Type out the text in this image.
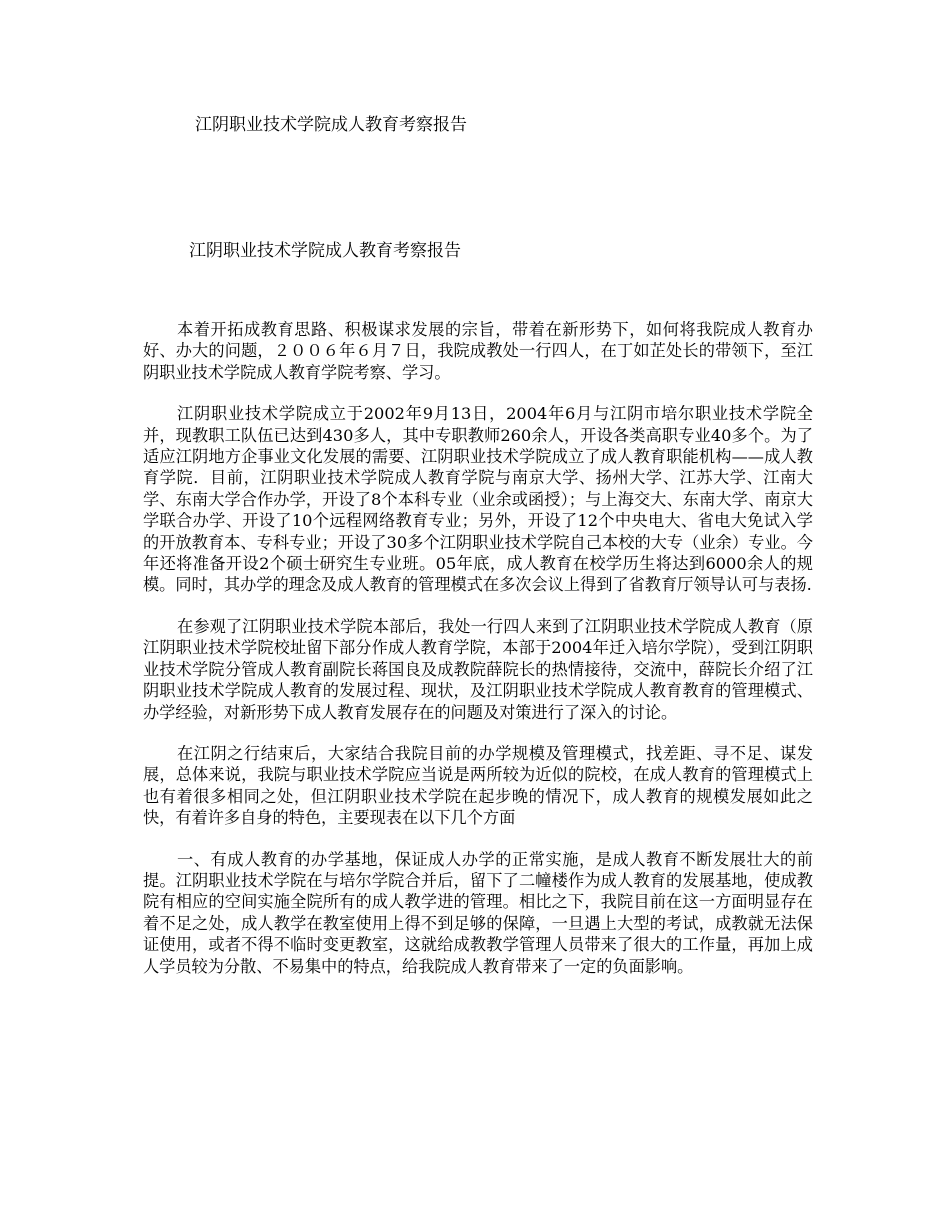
江阴职业技术学院成人教育考察报告
江阴职业技术学院成人教育考察报告

本着开拓成教育思路、积极谋求发展的宗旨，带着在新形势下，如何将我院成人教育办好、办大的问题，２００６年６月７日，我院成教处一行四人，在丁如芷处长的带领下，至江阴职业技术学院成人教育学院考察、学习。

江阴职业技术学院成立于2002年9月13日，2004年6月与江阴市培尔职业技术学院全并，现教职工队伍已达到430多人，其中专职教师260余人，开设各类高职专业40多个。为了适应江阴地方企事业文化发展的需要、江阴职业技术学院成立了成人教育职能机构——成人教育学院．目前，江阴职业技术学院成人教育学院与南京大学、扬州大学、江苏大学、江南大学、东南大学合作办学，开设了8个本科专业（业余或函授）；与上海交大、东南大学、南京大学联合办学、开设了10个远程网络教育专业；另外，开设了12个中央电大、省电大免试入学的开放教育本、专科专业；开设了30多个江阴职业技术学院自己本校的大专（业余）专业。今年还将准备开设2个硕士研究生专业班。05年底，成人教育在校学历生将达到6000余人的规模。同时，其办学的理念及成人教育的管理模式在多次会议上得到了省教育厅领导认可与表扬.

在参观了江阴职业技术学院本部后，我处一行四人来到了江阴职业技术学院成人教育（原江阴职业技术学院校址留下部分作成人教育学院，本部于2004年迁入培尔学院），受到江阴职业技术学院分管成人教育副院长蒋国良及成教院薛院长的热情接待，交流中，薛院长介绍了江阴职业技术学院成人教育的发展过程、现状，及江阴职业技术学院成人教育教育的管理模式、办学经验，对新形势下成人教育发展存在的问题及对策进行了深入的讨论。

在江阴之行结束后，大家结合我院目前的办学规模及管理模式，找差距、寻不足、谋发展，总体来说，我院与职业技术学院应当说是两所较为近似的院校，在成人教育的管理模式上也有着很多相同之处，但江阴职业技术学院在起步晚的情况下，成人教育的规模发展如此之快，有着许多自身的特色，主要现表在以下几个方面

一、有成人教育的办学基地，保证成人办学的正常实施，是成人教育不断发展壮大的前提。江阴职业技术学院在与培尔学院合并后，留下了二幢楼作为成人教育的发展基地，使成教院有相应的空间实施全院所有的成人教学进的管理。相比之下，我院目前在这一方面明显存在着不足之处，成人教学在教室使用上得不到足够的保障，一旦遇上大型的考试，成教就无法保证使用，或者不得不临时变更教室，这就给成教教学管理人员带来了很大的工作量，再加上成人学员较为分散、不易集中的特点，给我院成人教育带来了一定的负面影响。
